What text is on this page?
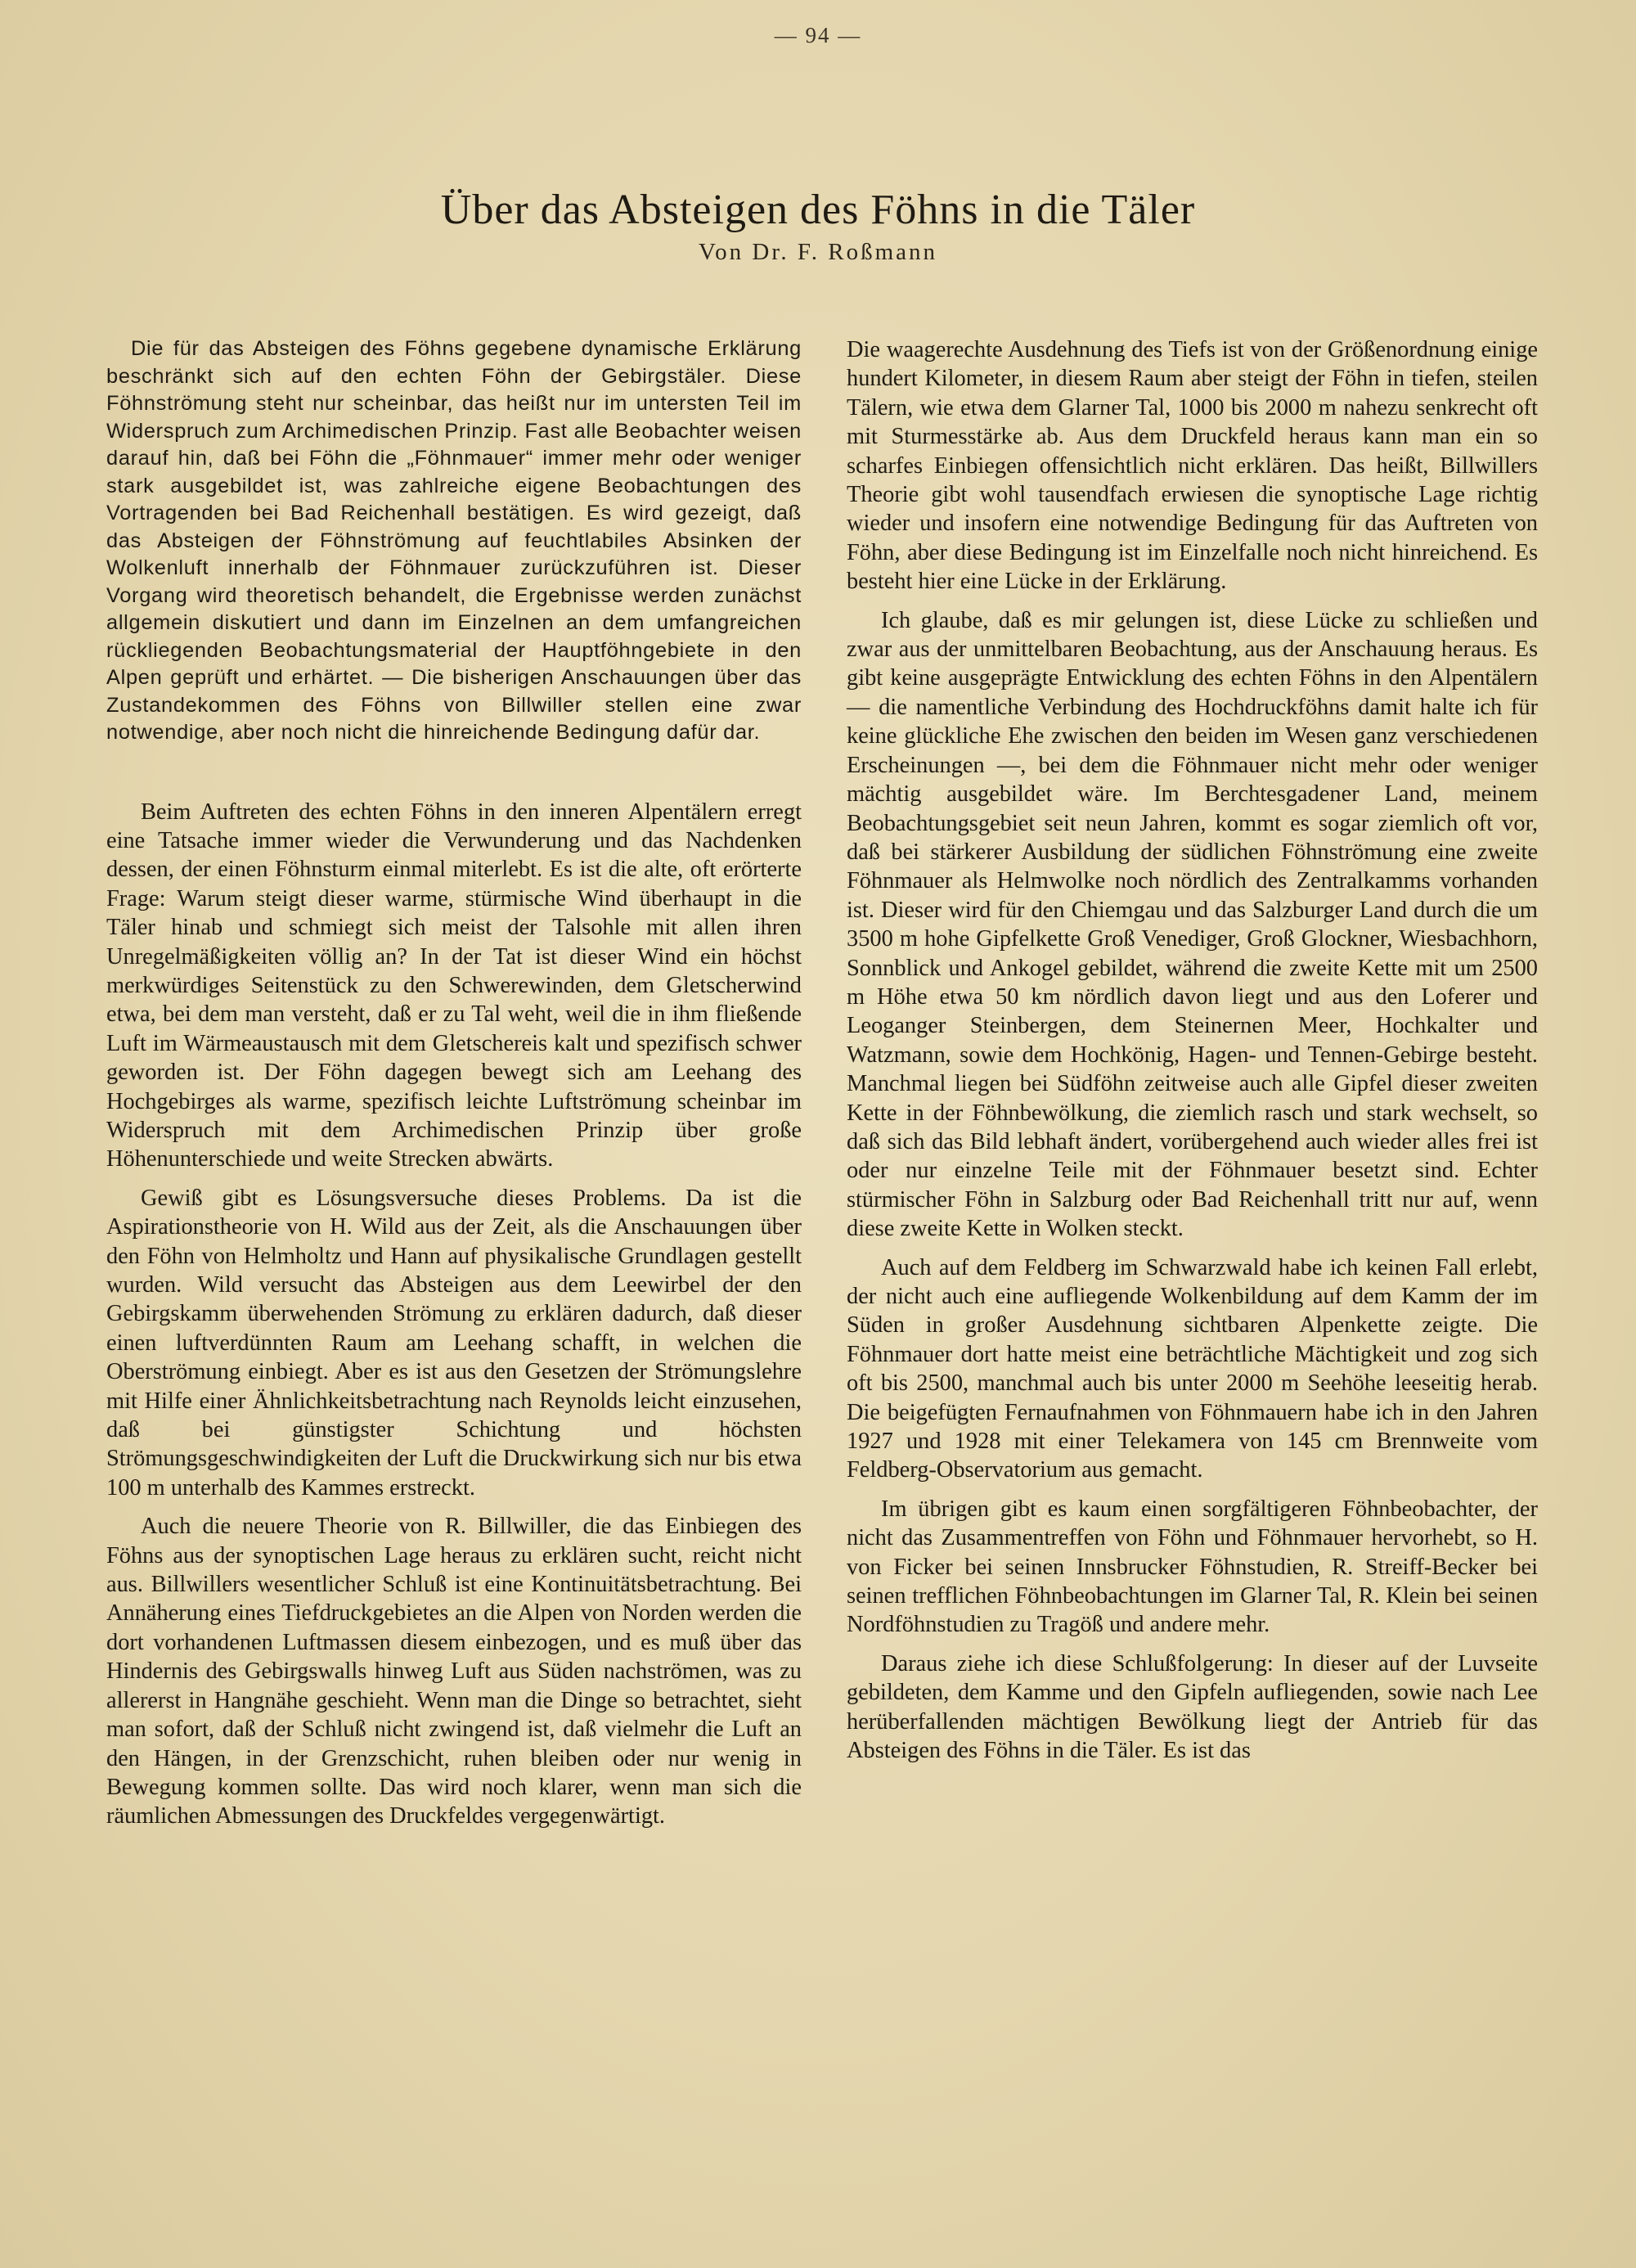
— 94 —
Über das Absteigen des Föhns in die Täler
Von Dr. F. Roßmann

Die für das Absteigen des Föhns gegebene dynamische Erklärung beschränkt sich auf den echten Föhn der Gebirgstäler. Diese Föhnströmung steht nur scheinbar, das heißt nur im untersten Teil im Widerspruch zum Archimedischen Prinzip. Fast alle Beobachter weisen darauf hin, daß bei Föhn die „Föhnmauer“ immer mehr oder weniger stark ausgebildet ist, was zahlreiche eigene Beobachtungen des Vortragenden bei Bad Reichenhall bestätigen. Es wird gezeigt, daß das Absteigen der Föhnströmung auf feuchtlabiles Absinken der Wolkenluft innerhalb der Föhnmauer zurückzuführen ist. Dieser Vorgang wird theoretisch behandelt, die Ergebnisse werden zunächst allgemein diskutiert und dann im Einzelnen an dem umfangreichen rückliegenden Beobachtungsmaterial der Hauptföhngebiete in den Alpen geprüft und erhärtet. — Die bisherigen Anschauungen über das Zustandekommen des Föhns von Billwiller stellen eine zwar notwendige, aber noch nicht die hinreichende Bedingung dafür dar.

Beim Auftreten des echten Föhns in den inneren Alpentälern erregt eine Tatsache immer wieder die Verwunderung und das Nachdenken dessen, der einen Föhnsturm einmal miterlebt. Es ist die alte, oft erörterte Frage: Warum steigt dieser warme, stürmische Wind überhaupt in die Täler hinab und schmiegt sich meist der Talsohle mit allen ihren Unregelmäßigkeiten völlig an? In der Tat ist dieser Wind ein höchst merkwürdiges Seitenstück zu den Schwerewinden, dem Gletscherwind etwa, bei dem man versteht, daß er zu Tal weht, weil die in ihm fließende Luft im Wärmeaustausch mit dem Gletschereis kalt und spezifisch schwer geworden ist. Der Föhn dagegen bewegt sich am Leehang des Hochgebirges als warme, spezifisch leichte Luftströmung scheinbar im Widerspruch mit dem Archimedischen Prinzip über große Höhenunterschiede und weite Strecken abwärts.

Gewiß gibt es Lösungsversuche dieses Problems. Da ist die Aspirationstheorie von H. Wild aus der Zeit, als die Anschauungen über den Föhn von Helmholtz und Hann auf physikalische Grundlagen gestellt wurden. Wild versucht das Absteigen aus dem Leewirbel der den Gebirgskamm überwehenden Strömung zu erklären dadurch, daß dieser einen luftverdünnten Raum am Leehang schafft, in welchen die Oberströmung einbiegt. Aber es ist aus den Gesetzen der Strömungslehre mit Hilfe einer Ähnlichkeitsbetrachtung nach Reynolds leicht einzusehen, daß bei günstigster Schichtung und höchsten Strömungsgeschwindigkeiten der Luft die Druckwirkung sich nur bis etwa 100 m unterhalb des Kammes erstreckt.

Auch die neuere Theorie von R. Billwiller, die das Einbiegen des Föhns aus der synoptischen Lage heraus zu erklären sucht, reicht nicht aus. Billwillers wesentlicher Schluß ist eine Kontinuitätsbetrachtung. Bei Annäherung eines Tiefdruckgebietes an die Alpen von Norden werden die dort vorhandenen Luftmassen diesem einbezogen, und es muß über das Hindernis des Gebirgswalls hinweg Luft aus Süden nachströmen, was zu allererst in Hangnähe geschieht. Wenn man die Dinge so betrachtet, sieht man sofort, daß der Schluß nicht zwingend ist, daß vielmehr die Luft an den Hängen, in der Grenzschicht, ruhen bleiben oder nur wenig in Bewegung kommen sollte. Das wird noch klarer, wenn man sich die räumlichen Abmessungen des Druckfeldes vergegenwärtigt.

Die waagerechte Ausdehnung des Tiefs ist von der Größenordnung einige hundert Kilometer, in diesem Raum aber steigt der Föhn in tiefen, steilen Tälern, wie etwa dem Glarner Tal, 1000 bis 2000 m nahezu senkrecht oft mit Sturmesstärke ab. Aus dem Druckfeld heraus kann man ein so scharfes Einbiegen offensichtlich nicht erklären. Das heißt, Billwillers Theorie gibt wohl tausendfach erwiesen die synoptische Lage richtig wieder und insofern eine notwendige Bedingung für das Auftreten von Föhn, aber diese Bedingung ist im Einzelfalle noch nicht hinreichend. Es besteht hier eine Lücke in der Erklärung.

Ich glaube, daß es mir gelungen ist, diese Lücke zu schließen und zwar aus der unmittelbaren Beobachtung, aus der Anschauung heraus. Es gibt keine ausgeprägte Entwicklung des echten Föhns in den Alpentälern — die namentliche Verbindung des Hochdruckföhns damit halte ich für keine glückliche Ehe zwischen den beiden im Wesen ganz verschiedenen Erscheinungen —, bei dem die Föhnmauer nicht mehr oder weniger mächtig ausgebildet wäre. Im Berchtesgadener Land, meinem Beobachtungsgebiet seit neun Jahren, kommt es sogar ziemlich oft vor, daß bei stärkerer Ausbildung der südlichen Föhnströmung eine zweite Föhnmauer als Helmwolke noch nördlich des Zentralkamms vorhanden ist. Dieser wird für den Chiemgau und das Salzburger Land durch die um 3500 m hohe Gipfelkette Groß Venediger, Groß Glockner, Wiesbachhorn, Sonnblick und Ankogel gebildet, während die zweite Kette mit um 2500 m Höhe etwa 50 km nördlich davon liegt und aus den Loferer und Leoganger Steinbergen, dem Steinernen Meer, Hochkalter und Watzmann, sowie dem Hochkönig, Hagen- und Tennen-Gebirge besteht. Manchmal liegen bei Südföhn zeitweise auch alle Gipfel dieser zweiten Kette in der Föhnbewölkung, die ziemlich rasch und stark wechselt, so daß sich das Bild lebhaft ändert, vorübergehend auch wieder alles frei ist oder nur einzelne Teile mit der Föhnmauer besetzt sind. Echter stürmischer Föhn in Salzburg oder Bad Reichenhall tritt nur auf, wenn diese zweite Kette in Wolken steckt.

Auch auf dem Feldberg im Schwarzwald habe ich keinen Fall erlebt, der nicht auch eine aufliegende Wolkenbildung auf dem Kamm der im Süden in großer Ausdehnung sichtbaren Alpenkette zeigte. Die Föhnmauer dort hatte meist eine beträchtliche Mächtigkeit und zog sich oft bis 2500, manchmal auch bis unter 2000 m Seehöhe leeseitig herab. Die beigefügten Fernaufnahmen von Föhnmauern habe ich in den Jahren 1927 und 1928 mit einer Telekamera von 145 cm Brennweite vom Feldberg-Observatorium aus gemacht.

Im übrigen gibt es kaum einen sorgfältigeren Föhnbeobachter, der nicht das Zusammentreffen von Föhn und Föhnmauer hervorhebt, so H. von Ficker bei seinen Innsbrucker Föhnstudien, R. Streiff-Becker bei seinen trefflichen Föhnbeobachtungen im Glarner Tal, R. Klein bei seinen Nordföhnstudien zu Tragöß und andere mehr.

Daraus ziehe ich diese Schlußfolgerung: In dieser auf der Luvseite gebildeten, dem Kamme und den Gipfeln aufliegenden, sowie nach Lee herüberfallenden mächtigen Bewölkung liegt der Antrieb für das Absteigen des Föhns in die Täler. Es ist das
